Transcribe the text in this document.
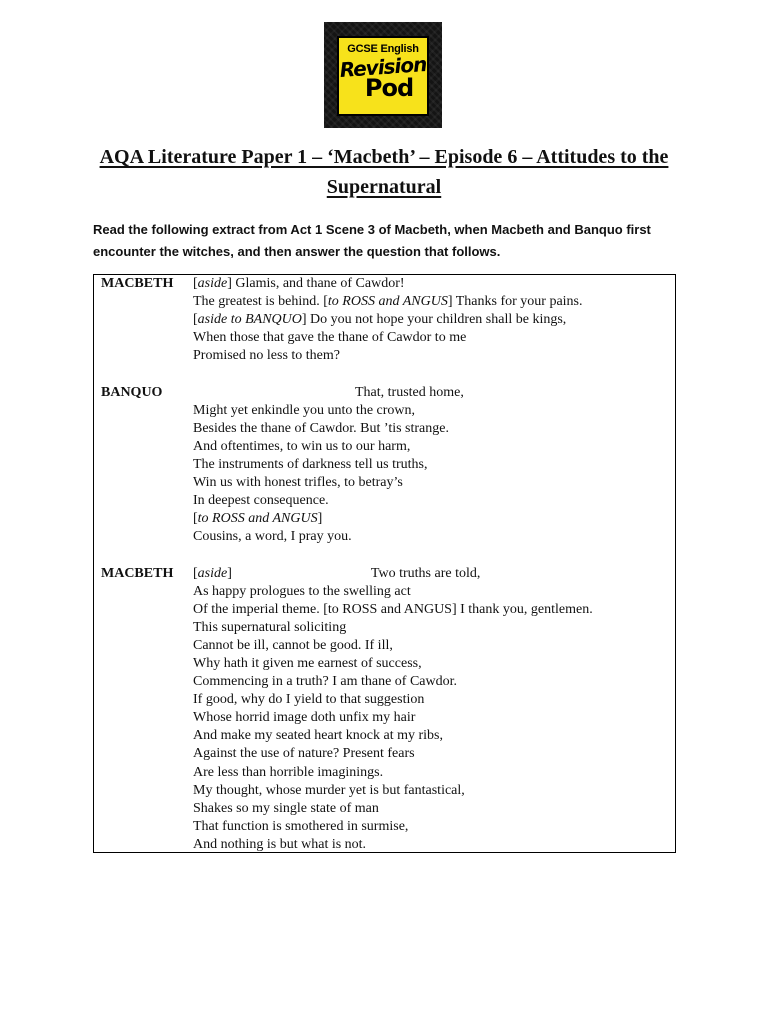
GCSE English
Revision
Pod
AQA Literature Paper 1 – ‘Macbeth’ – Episode 6 – Attitudes to the Supernatural
Read the following extract from Act 1 Scene 3 of Macbeth, when Macbeth and Banquo first encounter the witches, and then answer the question that follows.
MACBETH [aside] Glamis, and thane of Cawdor!
The greatest is behind. [to ROSS and ANGUS] Thanks for your pains.
[aside to BANQUO] Do you not hope your children shall be kings,
When those that gave the thane of Cawdor to me
Promised no less to them?
BANQUO	That, trusted home,
Might yet enkindle you unto the crown,
Besides the thane of Cawdor. But ’tis strange.
And oftentimes, to win us to our harm,
The instruments of darkness tell us truths,
Win us with honest trifles, to betray’s
In deepest consequence.
[to ROSS and ANGUS]
Cousins, a word, I pray you.
MACBETH [aside]	Two truths are told,
As happy prologues to the swelling act
Of the imperial theme. [to ROSS and ANGUS] I thank you, gentlemen.
This supernatural soliciting
Cannot be ill, cannot be good. If ill,
Why hath it given me earnest of success,
Commencing in a truth? I am thane of Cawdor.
If good, why do I yield to that suggestion
Whose horrid image doth unfix my hair
And make my seated heart knock at my ribs,
Against the use of nature? Present fears
Are less than horrible imaginings.
My thought, whose murder yet is but fantastical,
Shakes so my single state of man
That function is smothered in surmise,
And nothing is but what is not.
